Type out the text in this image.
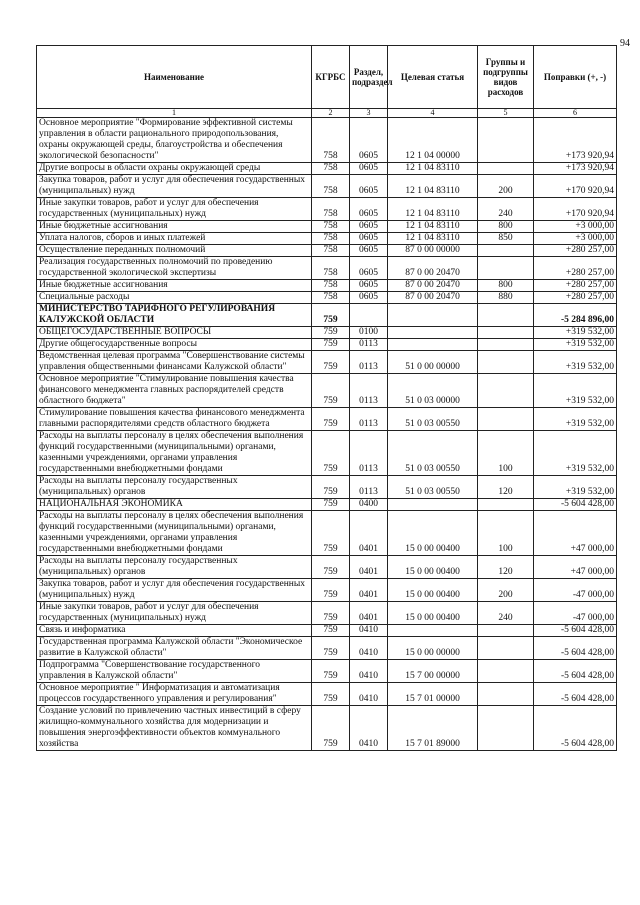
94
Наименование	КГРБС	Раздел, подраздел	Целевая статья	Группы и подгруппы видов расходов	Поправки (+, -)
1	2	3	4	5	6
Основное мероприятие "Формирование эффективной системы управления в области рационального природопользования, охраны окружающей среды, благоустройства и обеспечения экологической безопасности"	758	0605	12 1 04 00000		+173 920,94
Другие вопросы в области охраны окружающей среды	758	0605	12 1 04 83110		+173 920,94
Закупка товаров, работ и услуг для обеспечения государственных (муниципальных) нужд	758	0605	12 1 04 83110	200	+170 920,94
Иные закупки товаров, работ и услуг для обеспечения государственных (муниципальных) нужд	758	0605	12 1 04 83110	240	+170 920,94
Иные бюджетные ассигнования	758	0605	12 1 04 83110	800	+3 000,00
Уплата налогов, сборов и иных платежей	758	0605	12 1 04 83110	850	+3 000,00
Осуществление переданных полномочий	758	0605	87 0 00 00000		+280 257,00
Реализация государственных полномочий по проведению государственной экологической экспертизы	758	0605	87 0 00 20470		+280 257,00
Иные бюджетные ассигнования	758	0605	87 0 00 20470	800	+280 257,00
Специальные расходы	758	0605	87 0 00 20470	880	+280 257,00
МИНИСТЕРСТВО ТАРИФНОГО РЕГУЛИРОВАНИЯ КАЛУЖСКОЙ ОБЛАСТИ	759				-5 284 896,00
ОБЩЕГОСУДАРСТВЕННЫЕ ВОПРОСЫ	759	0100			+319 532,00
Другие общегосударственные вопросы	759	0113			+319 532,00
Ведомственная целевая программа "Совершенствование системы управления общественными финансами Калужской области"	759	0113	51 0 00 00000		+319 532,00
Основное мероприятие "Стимулирование повышения качества финансового менеджмента главных распорядителей средств областного бюджета"	759	0113	51 0 03 00000		+319 532,00
Стимулирование повышения качества финансового менеджмента главными распорядителями средств областного бюджета	759	0113	51 0 03 00550		+319 532,00
Расходы на выплаты персоналу в целях обеспечения выполнения функций государственными (муниципальными) органами, казенными учреждениями, органами управления государственными внебюджетными фондами	759	0113	51 0 03 00550	100	+319 532,00
Расходы на выплаты персоналу государственных (муниципальных) органов	759	0113	51 0 03 00550	120	+319 532,00
НАЦИОНАЛЬНАЯ ЭКОНОМИКА	759	0400			-5 604 428,00
Расходы на выплаты персоналу в целях обеспечения выполнения функций государственными (муниципальными) органами, казенными учреждениями, органами управления государственными внебюджетными фондами	759	0401	15 0 00 00400	100	+47 000,00
Расходы на выплаты персоналу государственных (муниципальных) органов	759	0401	15 0 00 00400	120	+47 000,00
Закупка товаров, работ и услуг для обеспечения государственных (муниципальных) нужд	759	0401	15 0 00 00400	200	-47 000,00
Иные закупки товаров, работ и услуг для обеспечения государственных (муниципальных) нужд	759	0401	15 0 00 00400	240	-47 000,00
Связь и информатика	759	0410			-5 604 428,00
Государственная программа Калужской области "Экономическое развитие в Калужской области"	759	0410	15 0 00 00000		-5 604 428,00
Подпрограмма "Совершенствование государственного управления в Калужской области"	759	0410	15 7 00 00000		-5 604 428,00
Основное мероприятие " Информатизация и автоматизация процессов государственного управления и регулирования"	759	0410	15 7 01 00000		-5 604 428,00
Создание условий по привлечению частных инвестиций в сферу жилищно-коммунального хозяйства для модернизации и повышения энергоэффективности объектов коммунального хозяйства	759	0410	15 7 01 89000		-5 604 428,00
